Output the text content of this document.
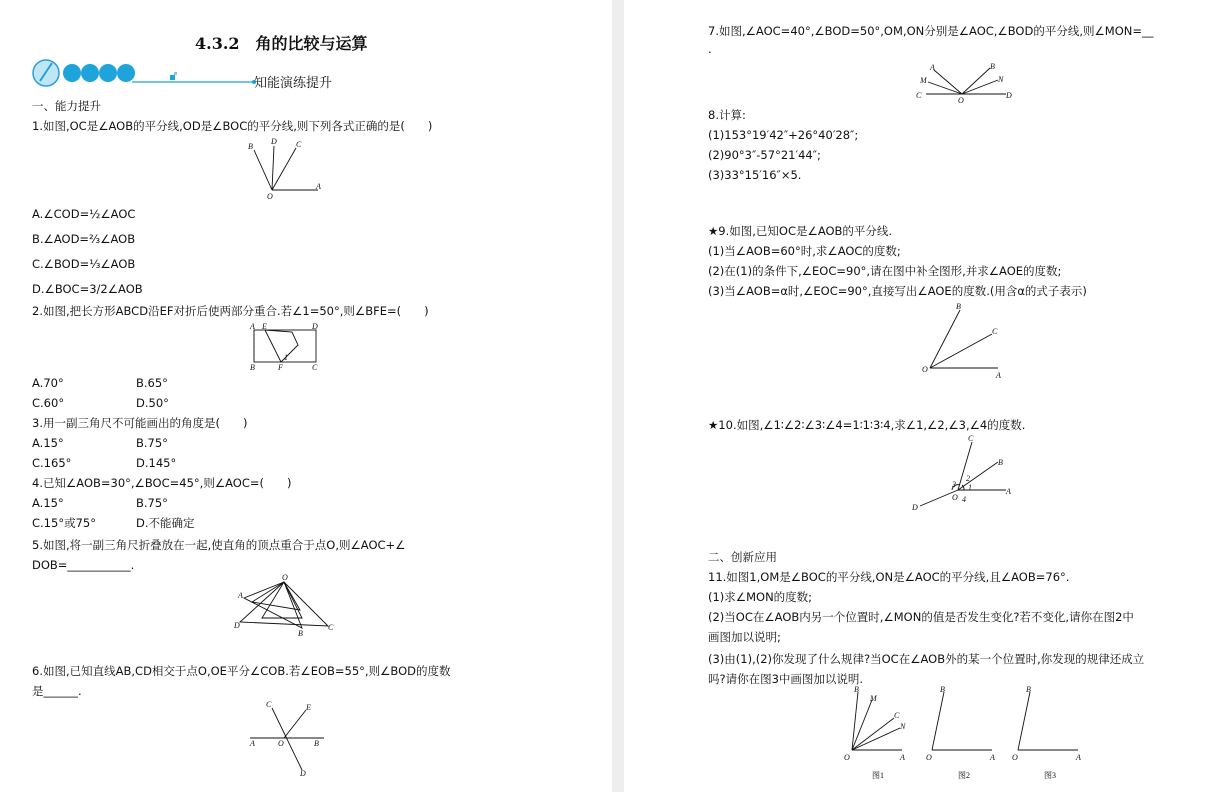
4.3.2　角的比较与运算
知能演练提升
一、能力提升
1.如图,OC是∠AOB的平分线,OD是∠BOC的平分线,则下列各式正确的是(　　)
B
D C
O
A
A.∠COD=½∠AOC
B.∠AOD=⅔∠AOB
C.∠BOD=⅓∠AOB
D.∠BOC=3/2∠AOB
2.如图,把长方形ABCD沿EF对折后使两部分重合.若∠1=50°,则∠BFE=(　　)
A E	D
B	F	C
1
A.70°	B.65°
C.60°	D.50°
3.用一副三角尺不可能画出的角度是(　　)
A.15°	B.75°
C.165°	D.145°
4.已知∠AOB=30°,∠BOC=45°,则∠AOC=(　　)
A.15°	B.75°
C.15°或75°	D.不能确定
5.如图,将一副三角尺折叠放在一起,使直角的顶点重合于点O,则∠AOC+∠
DOB=___________.
O
A
B
D	C
6.如图,已知直线AB,CD相交于点O,OE平分∠COB.若∠EOB=55°,则∠BOD的度数
是______.
C	E
A	O	B
D
7.如图,∠AOC=40°,∠BOD=50°,OM,ON分别是∠AOC,∠BOD的平分线,则∠MON=__
.
A	B
M	N
C
O
D
8.计算:
(1)153°19′42″+26°40′28″;
(2)90°3″-57°21′44″;
(3)33°15′16″×5.
★9.如图,已知OC是∠AOB的平分线.
(1)当∠AOB=60°时,求∠AOC的度数;
(2)在(1)的条件下,∠EOC=90°,请在图中补全图形,并求∠AOE的度数;
(3)当∠AOB=α时,∠EOC=90°,直接写出∠AOE的度数.(用含α的式子表示)
B
C
O
A
★10.如图,∠1∶∠2∶∠3∶∠4=1∶1∶3∶4,求∠1,∠2,∠3,∠4的度数.
C
B
2
3 1	A
O 4
D
二、创新应用
11.如图1,OM是∠BOC的平分线,ON是∠AOC的平分线,且∠AOB=76°.
(1)求∠MON的度数;
(2)当OC在∠AOB内另一个位置时,∠MON的值是否发生变化?若不变化,请你在图2中
画图加以说明;
(3)由(1),(2)你发现了什么规律?当OC在∠AOB外的某一个位置时,你发现的规律还成立
吗?请你在图3中画图加以说明.
B
M
C
N
O	A
图1
B
O	A
图2
B
O	A
图3
